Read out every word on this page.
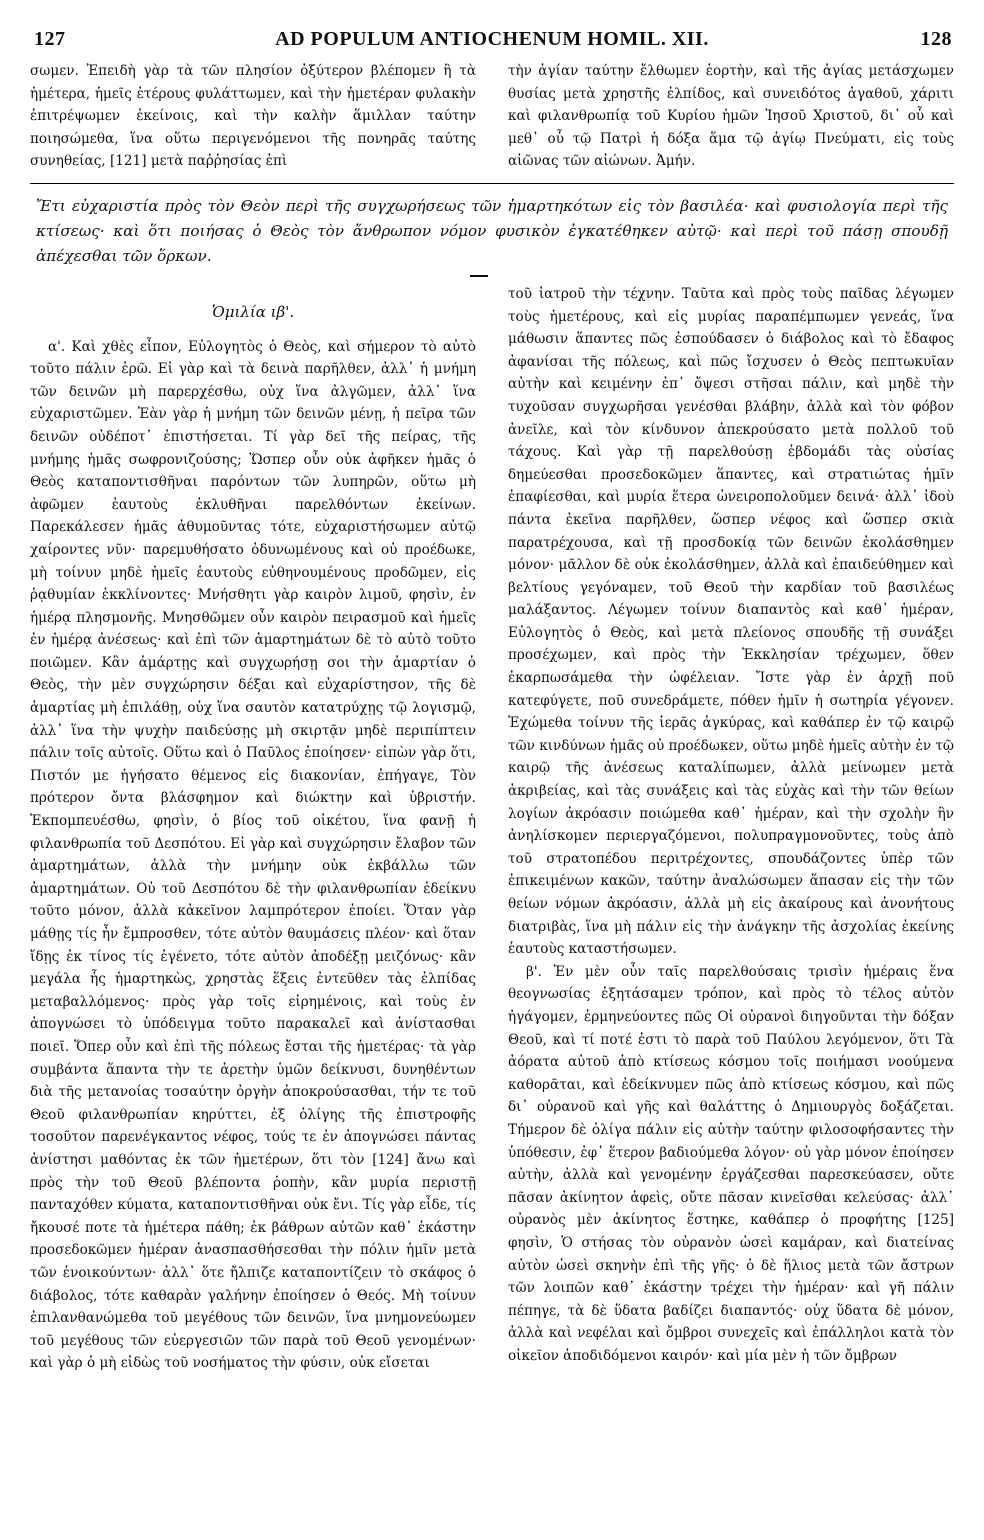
127	AD POPULUM ANTIOCHENUM HOMIL. XII.	128

σωμεν. Ἐπειδὴ γὰρ τὰ τῶν πλησίον ὀξύτερον βλέπομεν ἢ τὰ ἡμέτερα, ἡμεῖς ἑτέρους φυλάττωμεν, καὶ τὴν ἡμετέραν φυλακὴν ἐπιτρέψωμεν ἐκείνοις, καὶ τὴν καλὴν ἅμιλλαν ταύτην ποιησώμεθα, ἵνα οὕτω περιγενόμενοι τῆς πονηρᾶς ταύτης συνηθείας, [121] μετὰ παῤῥησίας ἐπὶ

τὴν ἁγίαν ταύτην ἔλθωμεν ἑορτὴν, καὶ τῆς ἁγίας μετάσχωμεν θυσίας μετὰ χρηστῆς ἐλπίδος, καὶ συνειδότος ἀγαθοῦ, χάριτι καὶ φιλανθρωπίᾳ τοῦ Κυρίου ἡμῶν Ἰησοῦ Χριστοῦ, δι᾽ οὗ καὶ μεθ᾽ οὗ τῷ Πατρὶ ἡ δόξα ἅμα τῷ ἁγίῳ Πνεύματι, εἰς τοὺς αἰῶνας τῶν αἰώνων. Ἀμήν.

Ἔτι εὐχαριστία πρὸς τὸν Θεὸν περὶ τῆς συγχωρήσεως τῶν ἡμαρτηκότων εἰς τὸν βασιλέα· καὶ φυσιολογία περὶ τῆς κτίσεως· καὶ ὅτι ποιήσας ὁ Θεὸς τὸν ἄνθρωπον νόμον φυσικὸν ἐγκατέθηκεν αὐτῷ· καὶ περὶ τοῦ πάσῃ σπουδῇ ἀπέχεσθαι τῶν ὅρκων.
Ὁμιλία ιβ'.

α'. Καὶ χθὲς εἶπον, Εὐλογητὸς ὁ Θεὸς, καὶ σήμερον τὸ αὐτὸ τοῦτο πάλιν ἐρῶ. Εἰ γὰρ καὶ τὰ δεινὰ παρῆλθεν, ἀλλ᾽ ἡ μνήμη τῶν δεινῶν μὴ παρερχέσθω, οὐχ ἵνα ἀλγῶμεν, ἀλλ᾽ ἵνα εὐχαριστῶμεν. Ἐὰν γὰρ ἡ μνήμη τῶν δεινῶν μένῃ, ἡ πεῖρα τῶν δεινῶν οὐδέποτ᾽ ἐπιστήσεται. Τί γὰρ δεῖ τῆς πείρας, τῆς μνήμης ἡμᾶς σωφρονιζούσης; Ὥσπερ οὖν οὐκ ἀφῆκεν ἡμᾶς ὁ Θεὸς καταποντισθῆναι παρόντων τῶν λυπηρῶν, οὕτω μὴ ἀφῶμεν ἑαυτοὺς ἐκλυθῆναι παρελθόντων ἐκείνων. Παρεκάλεσεν ἡμᾶς ἀθυμοῦντας τότε, εὐχαριστήσωμεν αὐτῷ χαίροντες νῦν· παρεμυθήσατο ὀδυνωμένους καὶ οὐ προέδωκε, μὴ τοίνυν μηδὲ ἡμεῖς ἑαυτοὺς εὐθηνουμένους προδῶμεν, εἰς ῥᾳθυμίαν ἐκκλίνοντες· Μνήσθητι γὰρ καιρὸν λιμοῦ, φησὶν, ἐν ἡμέρᾳ πλησμονῆς. Μνησθῶμεν οὖν καιρὸν πειρασμοῦ καὶ ἡμεῖς ἐν ἡμέρᾳ ἀνέσεως· καὶ ἐπὶ τῶν ἁμαρτημάτων δὲ τὸ αὐτὸ τοῦτο ποιῶμεν. Κἂν ἁμάρτῃς καὶ συγχωρήσῃ σοι τὴν ἁμαρτίαν ὁ Θεὸς, τὴν μὲν συγχώρησιν δέξαι καὶ εὐχαρίστησον, τῆς δὲ ἁμαρτίας μὴ ἐπιλάθῃ, οὐχ ἵνα σαυτὸν κατατρύχῃς τῷ λογισμῷ, ἀλλ᾽ ἵνα τὴν ψυχὴν παιδεύσῃς μὴ σκιρτᾷν μηδὲ περιπίπτειν πάλιν τοῖς αὐτοῖς. Οὕτω καὶ ὁ Παῦλος ἐποίησεν· εἰπὼν γὰρ ὅτι, Πιστόν με ἡγήσατο θέμενος εἰς διακονίαν, ἐπήγαγε, Τὸν πρότερον ὄντα βλάσφημον καὶ διώκτην καὶ ὑβριστήν. Ἐκπομπευέσθω, φησὶν, ὁ βίος τοῦ οἰκέτου, ἵνα φανῇ ἡ φιλανθρωπία τοῦ Δεσπότου. Εἰ γὰρ καὶ συγχώρησιν ἔλαβον τῶν ἁμαρτημάτων, ἀλλὰ τὴν μνήμην οὐκ ἐκβάλλω τῶν ἁμαρτημάτων. Οὐ τοῦ Δεσπότου δὲ τὴν φιλανθρωπίαν ἐδείκνυ τοῦτο μόνον, ἀλλὰ κἀκεῖνον λαμπρότερον ἐποίει. Ὅταν γὰρ μάθῃς τίς ἦν ἔμπροσθεν, τότε αὐτὸν θαυμάσεις πλέον· καὶ ὅταν ἴδῃς ἐκ τίνος τίς ἐγένετο, τότε αὐτὸν ἀποδέξῃ μειζόνως· κἂν μεγάλα ἧς ἡμαρτηκὼς, χρηστὰς ἕξεις ἐντεῦθεν τὰς ἐλπίδας μεταβαλλόμενος· πρὸς γὰρ τοῖς εἰρημένοις, καὶ τοὺς ἐν ἀπογνώσει τὸ ὑπόδειγμα τοῦτο παρακαλεῖ καὶ ἀνίστασθαι ποιεῖ. Ὅπερ οὖν καὶ ἐπὶ τῆς πόλεως ἔσται τῆς ἡμετέρας· τὰ γὰρ συμβάντα ἅπαντα τὴν τε ἀρετὴν ὑμῶν δείκνυσι, δυνηθέντων διὰ τῆς μετανοίας τοσαύτην ὀργὴν ἀποκρούσασθαι, τήν τε τοῦ Θεοῦ φιλανθρωπίαν κηρύττει, ἐξ ὀλίγης τῆς ἐπιστροφῆς τοσοῦτον παρενέγκαντος νέφος, τούς τε ἐν ἀπογνώσει πάντας ἀνίστησι μαθόντας ἐκ τῶν ἡμετέρων, ὅτι τὸν [124] ἄνω καὶ πρὸς τὴν τοῦ Θεοῦ βλέποντα ῥοπὴν, κἂν μυρία περιστῇ πανταχόθεν κύματα, καταποντισθῆναι οὐκ ἔνι. Τίς γὰρ εἶδε, τίς ἤκουσέ ποτε τὰ ἡμέτερα πάθη; ἐκ βάθρων αὐτῶν καθ᾽ ἑκάστην προσεδοκῶμεν ἡμέραν ἀνασπασθήσεσθαι τὴν πόλιν ἡμῖν μετὰ τῶν ἐνοικούντων· ἀλλ᾽ ὅτε ἤλπιζε καταποντίζειν τὸ σκάφος ὁ διάβολος, τότε καθαρὰν γαλήνην ἐποίησεν ὁ Θεός. Μὴ τοίνυν ἐπιλανθανώμεθα τοῦ μεγέθους τῶν δεινῶν, ἵνα μνημονεύωμεν τοῦ μεγέθους τῶν εὐεργεσιῶν τῶν παρὰ τοῦ Θεοῦ γενομένων· καὶ γὰρ ὁ μὴ εἰδὼς τοῦ νοσήματος τὴν φύσιν, οὐκ εἴσεται

τοῦ ἰατροῦ τὴν τέχνην. Ταῦτα καὶ πρὸς τοὺς παῖδας λέγωμεν τοὺς ἡμετέρους, καὶ εἰς μυρίας παραπέμπωμεν γενεάς, ἵνα μάθωσιν ἅπαντες πῶς ἐσπούδασεν ὁ διάβολος καὶ τὸ ἔδαφος ἀφανίσαι τῆς πόλεως, καὶ πῶς ἴσχυσεν ὁ Θεὸς πεπτωκυῖαν αὐτὴν καὶ κειμένην ἐπ᾽ ὄψεσι στῆσαι πάλιν, καὶ μηδὲ τὴν τυχοῦσαν συγχωρῆσαι γενέσθαι βλάβην, ἀλλὰ καὶ τὸν φόβον ἀνεῖλε, καὶ τὸν κίνδυνον ἀπεκρούσατο μετὰ πολλοῦ τοῦ τάχους. Καὶ γὰρ τῇ παρελθούσῃ ἑβδομάδι τὰς οὐσίας δημεύεσθαι προσεδοκῶμεν ἅπαντες, καὶ στρατιώτας ἡμῖν ἐπαφίεσθαι, καὶ μυρία ἕτερα ὠνειροπολοῦμεν δεινά· ἀλλ᾽ ἰδοὺ πάντα ἐκεῖνα παρῆλθεν, ὥσπερ νέφος καὶ ὥσπερ σκιὰ παρατρέχουσα, καὶ τῇ προσδοκίᾳ τῶν δεινῶν ἐκολάσθημεν μόνον· μᾶλλον δὲ οὐκ ἐκολάσθημεν, ἀλλὰ καὶ ἐπαιδεύθημεν καὶ βελτίους γεγόναμεν, τοῦ Θεοῦ τὴν καρδίαν τοῦ βασιλέως μαλάξαντος. Λέγωμεν τοίνυν διαπαντὸς καὶ καθ᾽ ἡμέραν, Εὐλογητὸς ὁ Θεὸς, καὶ μετὰ πλείονος σπουδῆς τῇ συνάξει προσέχωμεν, καὶ πρὸς τὴν Ἐκκλησίαν τρέχωμεν, ὅθεν ἐκαρπωσάμεθα τὴν ὠφέλειαν. Ἴστε γὰρ ἐν ἀρχῇ ποῦ κατεφύγετε, ποῦ συνεδράμετε, πόθεν ἡμῖν ἡ σωτηρία γέγονεν. Ἐχώμεθα τοίνυν τῆς ἱερᾶς ἀγκύρας, καὶ καθάπερ ἐν τῷ καιρῷ τῶν κινδύνων ἡμᾶς οὐ προέδωκεν, οὕτω μηδὲ ἡμεῖς αὐτὴν ἐν τῷ καιρῷ τῆς ἀνέσεως καταλίπωμεν, ἀλλὰ μείνωμεν μετὰ ἀκριβείας, καὶ τὰς συνάξεις καὶ τὰς εὐχὰς καὶ τὴν τῶν θείων λογίων ἀκρόασιν ποιώμεθα καθ᾽ ἡμέραν, καὶ τὴν σχολὴν ἣν ἀνηλίσκομεν περιεργαζόμενοι, πολυπραγμονοῦντες, τοὺς ἀπὸ τοῦ στρατοπέδου περιτρέχοντες, σπουδάζοντες ὑπὲρ τῶν ἐπικειμένων κακῶν, ταύτην ἀναλώσωμεν ἅπασαν εἰς τὴν τῶν θείων νόμων ἀκρόασιν, ἀλλὰ μὴ εἰς ἀκαίρους καὶ ἀνονήτους διατριβὰς, ἵνα μὴ πάλιν εἰς τὴν ἀνάγκην τῆς ἀσχολίας ἐκείνης ἑαυτοὺς καταστήσωμεν.

β'. Ἐν μὲν οὖν ταῖς παρελθούσαις τρισὶν ἡμέραις ἕνα θεογνωσίας ἐξητάσαμεν τρόπον, καὶ πρὸς τὸ τέλος αὐτὸν ἠγάγομεν, ἑρμηνεύοντες πῶς Οἱ οὐρανοὶ διηγοῦνται τὴν δόξαν Θεοῦ, καὶ τί ποτέ ἐστι τὸ παρὰ τοῦ Παύλου λεγόμενον, ὅτι Τὰ ἀόρατα αὐτοῦ ἀπὸ κτίσεως κόσμου τοῖς ποιήμασι νοούμενα καθορᾶται, καὶ ἐδείκνυμεν πῶς ἀπὸ κτίσεως κόσμου, καὶ πῶς δι᾽ οὐρανοῦ καὶ γῆς καὶ θαλάττης ὁ Δημιουργὸς δοξάζεται. Τήμερον δὲ ὀλίγα πάλιν εἰς αὐτὴν ταύτην φιλοσοφήσαντες τὴν ὑπόθεσιν, ἐφ᾽ ἕτερον βαδιούμεθα λόγον· οὐ γὰρ μόνον ἐποίησεν αὐτὴν, ἀλλὰ καὶ γενομένην ἐργάζεσθαι παρεσκεύασεν, οὔτε πᾶσαν ἀκίνητον ἀφεὶς, οὔτε πᾶσαν κινεῖσθαι κελεύσας· ἀλλ᾽ οὐρανὸς μὲν ἀκίνητος ἕστηκε, καθάπερ ὁ προφήτης [125] φησὶν, Ὁ στήσας τὸν οὐρανὸν ὡσεὶ καμάραν, καὶ διατείνας αὐτὸν ὡσεὶ σκηνὴν ἐπὶ τῆς γῆς· ὁ δὲ ἥλιος μετὰ τῶν ἄστρων τῶν λοιπῶν καθ᾽ ἑκάστην τρέχει τὴν ἡμέραν· καὶ γῆ πάλιν πέπηγε, τὰ δὲ ὕδατα βαδίζει διαπαντός· οὐχ ὕδατα δὲ μόνον, ἀλλὰ καὶ νεφέλαι καὶ ὄμβροι συνεχεῖς καὶ ἐπάλληλοι κατὰ τὸν οἰκεῖον ἀποδιδόμενοι καιρόν· καὶ μία μὲν ἡ τῶν ὄμβρων
